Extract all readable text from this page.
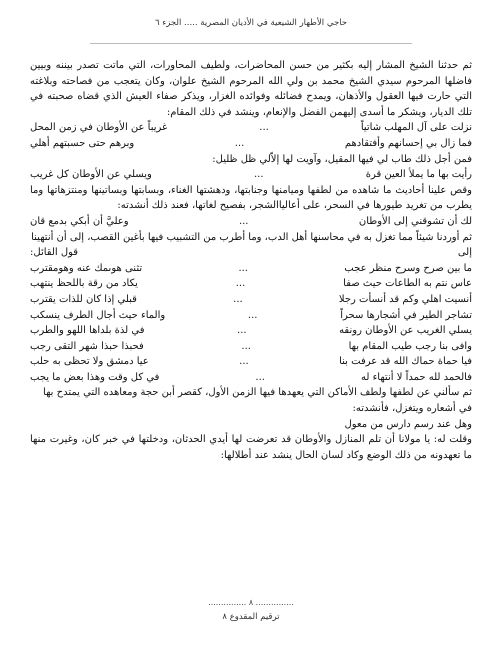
حاجي الأطهار الشيعية في الأديان المصرية ..... الجزء ٦

ثم حدثنا الشيخ المشار إليه بكثير من حسن المحاضرات، ولطيف المحاورات، التي ماتت تصدر بيننه وبيين فاضلها المرحوم سيدي الشيخ محمد بن ولي الله المرحوم الشيخ علوان، وكان يتعجب من فصاحته وبلاغته التي حارت فيها العقول والأذهان، ويمدح فضائله وفوائده الغزار، ويذكر صفاء العيش الذي قضاه صحبته في تلك الديار، ويشكر ما أسدى إليهمن الفضل والإنعام، وينشد في ذلك المقام:

نزلت على آل المهلب شاتياً
...
غريباً عن الأوطان في زمن المحل
فما زال بي إحسانهم وأفتقادهم
...
وبرهم حتى حسبتهم أهلي

فمن أجل ذلك طاب لي فيها المقيل، وآويت لها إلاّلي ظل ظليل:

رأيت بها ما يملأ العين قرة
...
ويسلي عن الأوطان كل غريب

وقص علينا أحاديث ما شاهده من لطفها وميامنها وجنابتها، ودهشتها الغناء، وبسابتها وبساتينها ومنتزهاتها وما يطرب من تغريد طيورها في السحر، على أعالياالشجر، بفصيح لغاتها، فعند ذلك أنشدته:

لك أن تشوقني إلى الأوطان
...
وعليَّ أن أبكي بدمع قان

ثم أوردنا شيئاً مما تغزل به في محاسنها أهل الدب، وما أطرب من التشبيب فيها بأغين القصب، إلى أن أنتهينا

إلى
قول القائل:
ما بين صرح وسرح منظر عجب
...
تثنى هوىمك عنه وهومقترب
عاس نتم به الطاعات حيث صفا
...
يكاد من رقة باللحظ ينتهب
أنسيت اهلي وكم قد أنسأت رجلا
...
قبلي إذا كان للذات يقترب
تشاجر الطير في أشجارها سحراً
...
والماء حيث أجال الطرف ينسكب
يسلي الغريب عن الأوطان رونقه
...
في لذة بلداها اللهو والطرب
وافى بنا رجب طيب المقام بها
...
فحبذا حبذا شهر التقى رجب
فيا حماة حماك الله قد عرفت بنا
...
عيا دمشق ولا تحظى به حلب
فالحمد لله حمداً لا أنتهاء له
...
في كل وقت وهذا بعض ما يجب

ثم سألني عن لطفها ولطف الأماكن التي يعهدها فيها الزمن الأول، كقصر أبن حجة ومعاهده التي يمتدح بها

في أشعاره ويتغزل، فأنشدته:
وهل عند رسم دارس من معول

وقلت له: يا مولانا أن تلم المنازل والأوطان قد تعرضت لها أيدي الحدثان، ودخلتها في خبر كان، وغيرت منها ما تعهدونه من ذلك الوضع وكاد لسان الحال ينشد عند أطلالها:

............... ٨ ...............
ترقيم المقدوع ٨
